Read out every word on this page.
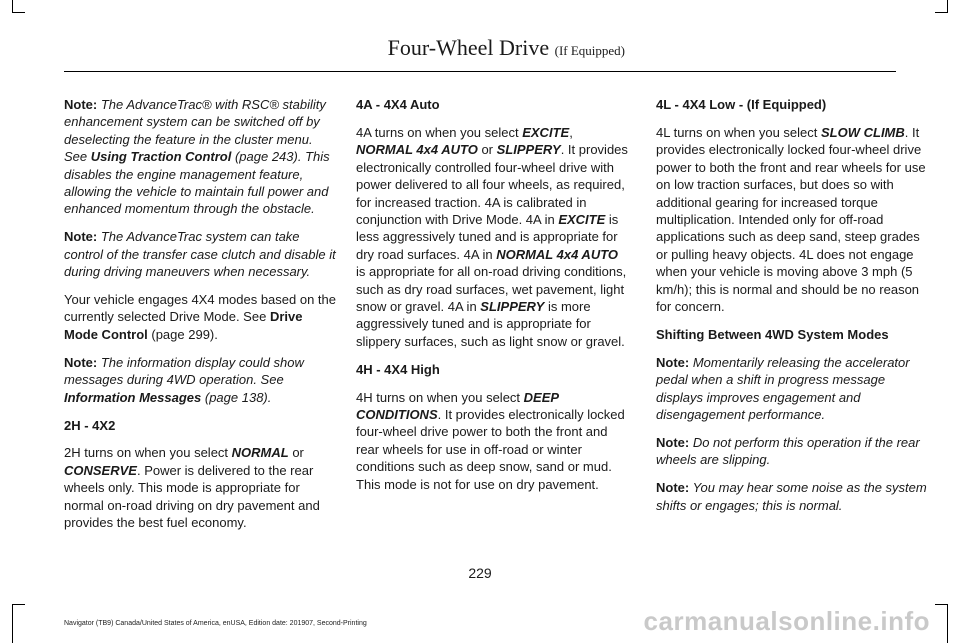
Four-Wheel Drive (If Equipped)

Note: The AdvanceTrac® with RSC® stability enhancement system can be switched off by deselecting the feature in the cluster menu. See Using Traction Control (page 243). This disables the engine management feature, allowing the vehicle to maintain full power and enhanced momentum through the obstacle.

Note: The AdvanceTrac system can take control of the transfer case clutch and disable it during driving maneuvers when necessary.

Your vehicle engages 4X4 modes based on the currently selected Drive Mode. See Drive Mode Control (page 299).

Note: The information display could show messages during 4WD operation. See Information Messages (page 138).

2H - 4X2

2H turns on when you select NORMAL or CONSERVE. Power is delivered to the rear wheels only. This mode is appropriate for normal on-road driving on dry pavement and provides the best fuel economy.

4A - 4X4 Auto

4A turns on when you select EXCITE, NORMAL 4x4 AUTO or SLIPPERY. It provides electronically controlled four-wheel drive with power delivered to all four wheels, as required, for increased traction. 4A is calibrated in conjunction with Drive Mode. 4A in EXCITE is less aggressively tuned and is appropriate for dry road surfaces. 4A in NORMAL 4x4 AUTO is appropriate for all on-road driving conditions, such as dry road surfaces, wet pavement, light snow or gravel. 4A in SLIPPERY is more aggressively tuned and is appropriate for slippery surfaces, such as light snow or gravel.

4H - 4X4 High

4H turns on when you select DEEP CONDITIONS. It provides electronically locked four-wheel drive power to both the front and rear wheels for use in off-road or winter conditions such as deep snow, sand or mud. This mode is not for use on dry pavement.

4L - 4X4 Low - (If Equipped)

4L turns on when you select SLOW CLIMB. It provides electronically locked four-wheel drive power to both the front and rear wheels for use on low traction surfaces, but does so with additional gearing for increased torque multiplication. Intended only for off-road applications such as deep sand, steep grades or pulling heavy objects. 4L does not engage when your vehicle is moving above 3 mph (5 km/h); this is normal and should be no reason for concern.

Shifting Between 4WD System Modes

Note: Momentarily releasing the accelerator pedal when a shift in progress message displays improves engagement and disengagement performance.

Note: Do not perform this operation if the rear wheels are slipping.

Note: You may hear some noise as the system shifts or engages; this is normal.

229
Navigator (TB9) Canada/United States of America, enUSA, Edition date: 201907, Second-Printing	carmanualsonline.info
